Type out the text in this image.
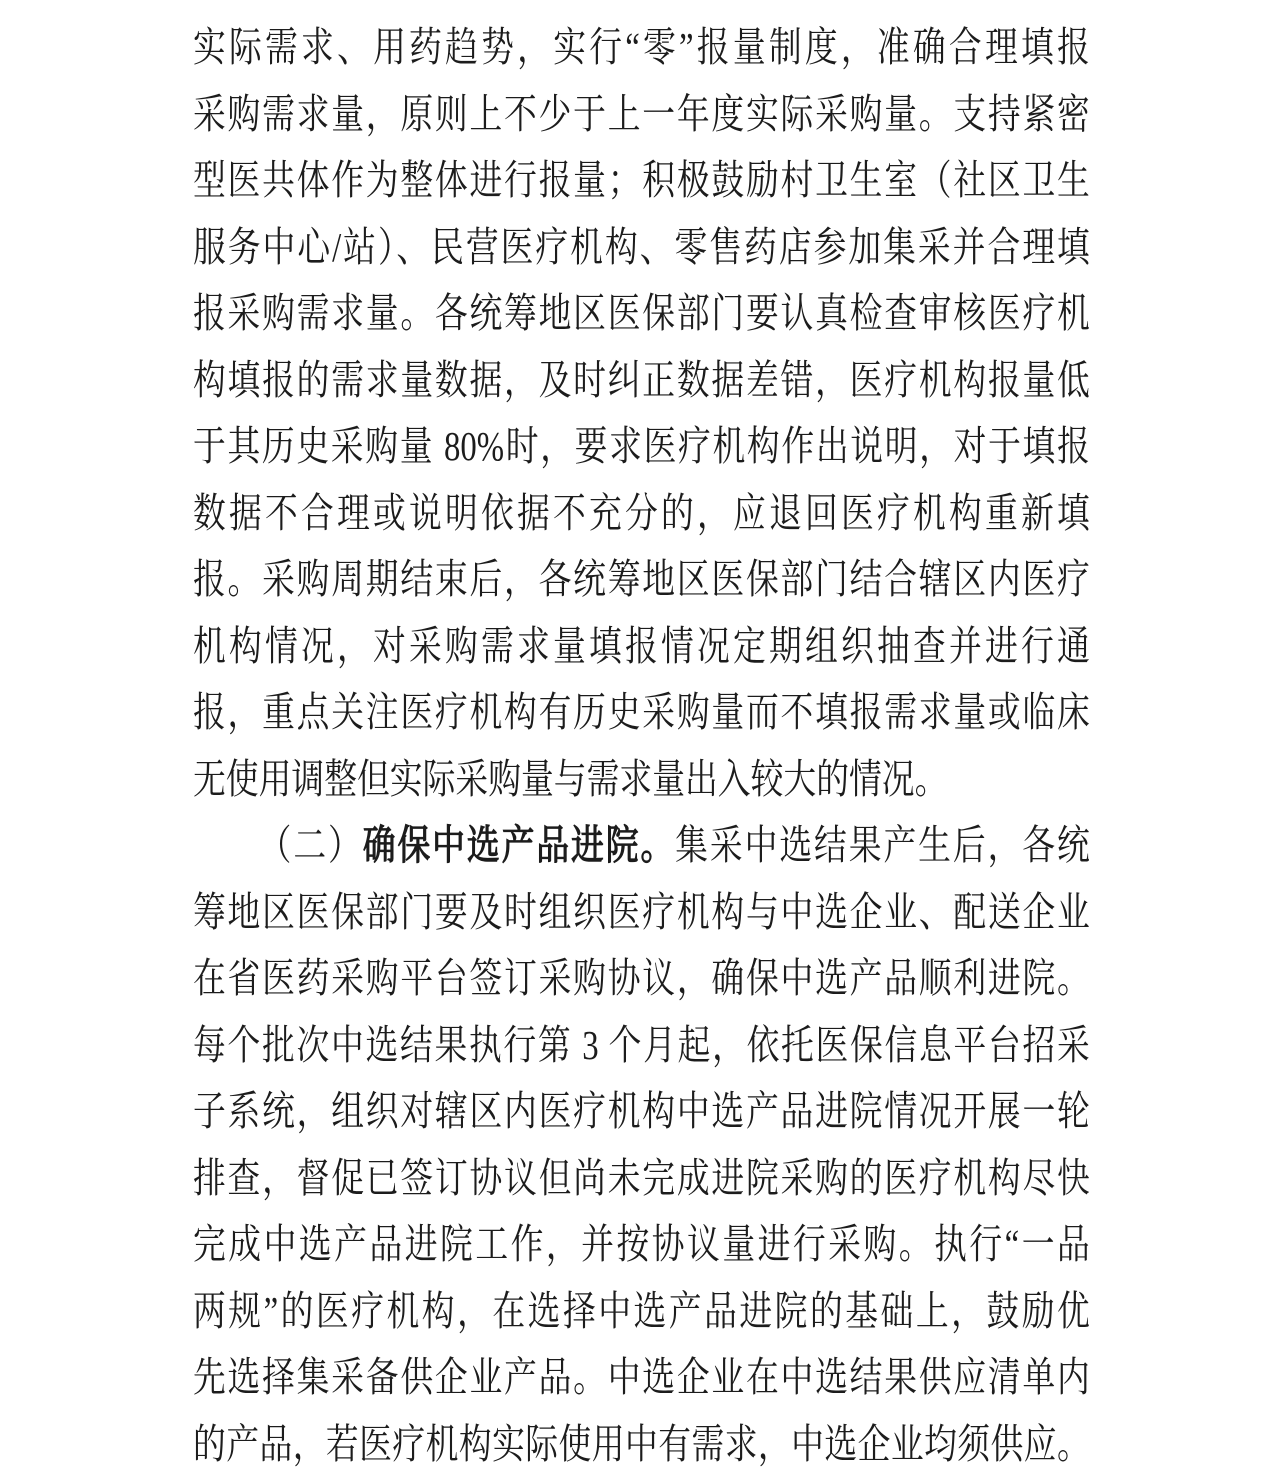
实际需求、用药趋势，实行“零”报量制度，准确合理填报
采购需求量，原则上不少于上一年度实际采购量。支持紧密
型医共体作为整体进行报量；积极鼓励村卫生室（社区卫生
服务中心/站）、民营医疗机构、零售药店参加集采并合理填
报采购需求量。各统筹地区医保部门要认真检查审核医疗机
构填报的需求量数据，及时纠正数据差错，医疗机构报量低
于其历史采购量 80%时，要求医疗机构作出说明，对于填报
数据不合理或说明依据不充分的，应退回医疗机构重新填
报。采购周期结束后，各统筹地区医保部门结合辖区内医疗
机构情况，对采购需求量填报情况定期组织抽查并进行通
报，重点关注医疗机构有历史采购量而不填报需求量或临床
无使用调整但实际采购量与需求量出入较大的情况。
（二）确保中选产品进院。集采中选结果产生后，各统
筹地区医保部门要及时组织医疗机构与中选企业、配送企业
在省医药采购平台签订采购协议，确保中选产品顺利进院。
每个批次中选结果执行第 3 个月起，依托医保信息平台招采
子系统，组织对辖区内医疗机构中选产品进院情况开展一轮
排查，督促已签订协议但尚未完成进院采购的医疗机构尽快
完成中选产品进院工作，并按协议量进行采购。执行“一品
两规”的医疗机构，在选择中选产品进院的基础上，鼓励优
先选择集采备供企业产品。中选企业在中选结果供应清单内
的产品，若医疗机构实际使用中有需求，中选企业均须供应。
